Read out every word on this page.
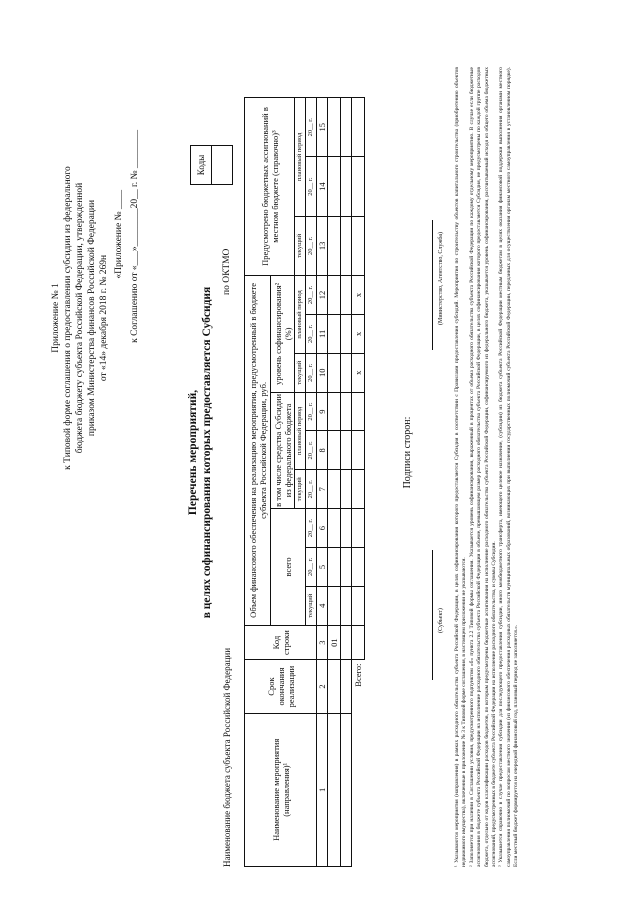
Приложение № 1 к Типовой форме соглашения о предоставлении субсидии из федерального бюджета бюджету субъекта Российской Федерации, утвержденной приказом Министерства финансов Российской Федерации от «14» декабря 2018 г. № 269н
«Приложение № ____ к Соглашению от «___»________20__ г. № ________
Перечень мероприятий, в целях софинансирования которых предоставляется Субсидия
Наименование бюджета субъекта Российской Федерации
по ОКТМО
Коды

Наименование мероприятия (направления)¹	Срок окончания реализации	Код строки	Объем финансового обеспечения на реализацию мероприятия, предусмотренный в бюджете субъекта Российской Федерации, руб.									Предусмотрено бюджетных ассигнований в местном бюджете (справочно)³		
			всего			в том числе средства Субсидии из федерального бюджета			уровень софинансирования² (%)					
						текущий	плановый период		текущий	плановый период		текущий	плановый период	
			текущий	20__ г.	20__ г.	20__ г.	20__ г.	20__ г.	20__ г.	20__ г.	20__ г.	20__ г.	20__ г.	20__ г.
1	2	3	4	5	6	7	8	9	10	11	12	13	14	15
		01												

Всего:									x	x	x			
Подписи сторон:
(Субъект)
(Министерство, Агентство, Служба) ¹ Указываются мероприятия (направления) в рамках расходного обязательства субъекта Российской Федерации, в целях софинансирования которого предоставляется Субсидия в соответствии с Правилами предоставления субсидий. Мероприятия по строительству объектов капитального строительства (приобретению объектов недвижимого имущества), включенные в приложение № 3 к Типовой форме соглашения, в настоящем приложении не указываются. ² Заполняется при наличии в Соглашении условия, предусмотренного подпунктом «б» пункта 2.2 Типовой формы соглашения. Указывается уровень софинансирования, выраженный в процентах от объема расходного обязательства субъекта Российской Федерации по каждому отдельному мероприятию. В случае если бюджетные ассигнования в бюджете субъекта Российской Федерации на исполнение расходного обязательства субъекта Российской Федерации в объеме, превышающем размер расходного обязательства субъекта Российской Федерации, в целях софинансирования которого предоставляется Субсидия, не предусмотрены по каждой группе расходов бюджета, отдельно от кодов классификации расходов бюджетов, по которым предусмотрены бюджетные ассигнования на исполнение расходного обязательства субъекта Российской Федерации, софинансируемого из федерального бюджета, указывается уровень софинансирования, рассчитываемый исходя из общего объема бюджетных ассигнований, предусмотренных в бюджете субъекта Российской Федерации на исполнение расходного обязательства, и суммы Субсидии. ³ Указывается справочно в случае предоставления субсидии для последующего предоставления субсидии, иного межбюджетного трансферта, имеющего целевое назначение, (субсидии) из бюджета субъекта Российской Федерации местным бюджетам в целях оказания финансовой поддержки выполнения органами местного самоуправления полномочий по вопросам местного значения (из финансового обеспечения расходных обязательств муниципальных образований, возникающих при выполнении государственных полномочий субъекта Российской Федерации, переданных для осуществления органам местного самоуправления в установленном порядке). Если местный бюджет формируется на очередной финансовый год, плановый период не заполняется.».
